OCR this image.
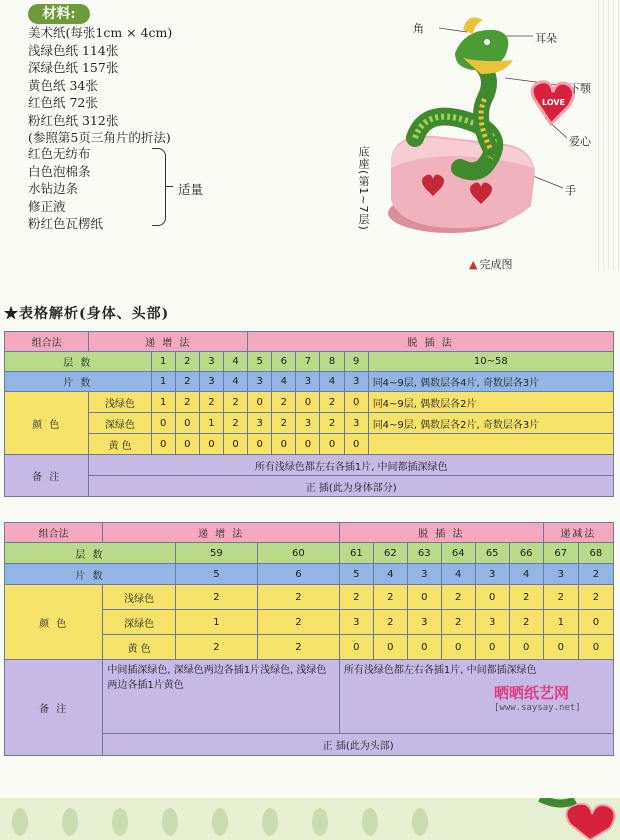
材料:
美术纸(每张1cm × 4cm)
浅绿色纸 114张
深绿色纸 157张
黄色纸 34张
红色纸 72张
粉红色纸 312张
(参照第5页三角片的折法)
红色无纺布
白色泡棉条
水钻边条
修正液
粉红色瓦楞纸
适量
LOVE
角
耳朵
下颚
爱心
手
底座(第1~7层)
▲ 完成图
★表格解析(身体、头部)
组合法	递 增 法					脱 插 法					
层 数		1	2	3	4	5	6	7	8	9	10~58
片 数		1	2	3	4	3	4	3	4	3	同4~9层, 偶数层各4片, 奇数层各3片
颜 色	浅绿色	1	2	2	2	0	2	0	2	0	同4~9层, 偶数层各2片
	深绿色	0	0	1	2	3	2	3	2	3	同4~9层, 偶数层各2片, 奇数层各3片
	黄 色	0	0	0	0	0	0	0	0	0	
备 注	所有浅绿色都左右各插1片, 中间都插深绿色										
	正 插(此为身体部分)										
组合法	递 增 法			脱 插 法						递减法	
层 数		59	60	61	62	63	64	65	66	67	68
片 数		5	6	5	4	3	4	3	4	3	2
颜 色	浅绿色	2	2	2	2	0	2	0	2	2	2
	深绿色	1	2	3	2	3	2	3	2	1	0
	黄 色	2	2	0	0	0	0	0	0	0	0
备 注	中间插深绿色, 深绿色两边各插1片浅绿色, 浅绿色两边各插1片黄色			所有浅绿色都左右各插1片, 中间都插深绿色							
	正 插(此为头部)										
晒晒纸艺网
[www.saysay.net]
